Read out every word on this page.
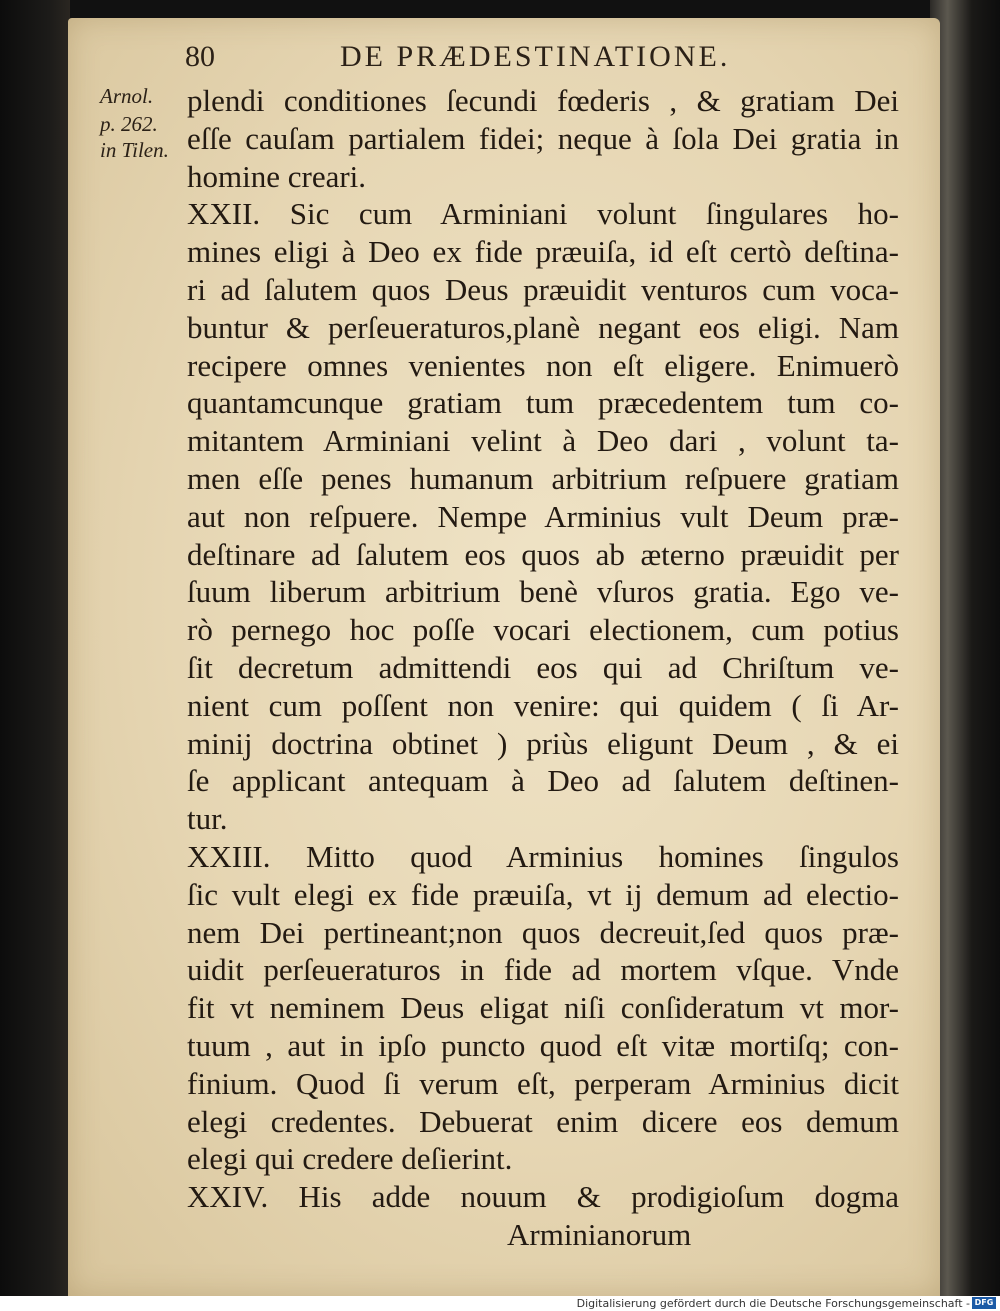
80	DE PRÆDESTINATIONE.
Arnol.
p. 262.
in Tilen.
plendi conditiones ſecundi fœderis , & gratiam Dei
eſſe cauſam partialem fidei; neque à ſola Dei gratia in
homine creari.
XXII. Sic cum Arminiani volunt ſingulares ho-
mines eligi à Deo ex fide præuiſa, id eſt certò deſtina-
ri ad ſalutem quos Deus præuidit venturos cum voca-
buntur & perſeueraturos,planè negant eos eligi. Nam
recipere omnes venientes non eſt eligere. Enimuerò
quantamcunque gratiam tum præcedentem tum co-
mitantem Arminiani velint à Deo dari , volunt ta-
men eſſe penes humanum arbitrium reſpuere gratiam
aut non reſpuere. Nempe Arminius vult Deum præ-
deſtinare ad ſalutem eos quos ab æterno præuidit per
ſuum liberum arbitrium benè vſuros gratia. Ego ve-
rò pernego hoc poſſe vocari electionem, cum potius
ſit decretum admittendi eos qui ad Chriſtum ve-
nient cum poſſent non venire: qui quidem ( ſi Ar-
minij doctrina obtinet ) priùs eligunt Deum , & ei
ſe applicant antequam à Deo ad ſalutem deſtinen-
tur.
XXIII. Mitto quod Arminius homines ſingulos
ſic vult elegi ex fide præuiſa, vt ij demum ad electio-
nem Dei pertineant;non quos decreuit,ſed quos præ-
uidit perſeueraturos in fide ad mortem vſque. Vnde
fit vt neminem Deus eligat niſi conſideratum vt mor-
tuum , aut in ipſo puncto quod eſt vitæ mortiſq; con-
finium. Quod ſi verum eſt, perperam Arminius dicit
elegi credentes. Debuerat enim dicere eos demum
elegi qui credere deſierint.
XXIV. His adde nouum & prodigioſum dogma
Arminianorum
Digitalisierung gefördert durch die Deutsche Forschungsgemeinschaft - DFG
